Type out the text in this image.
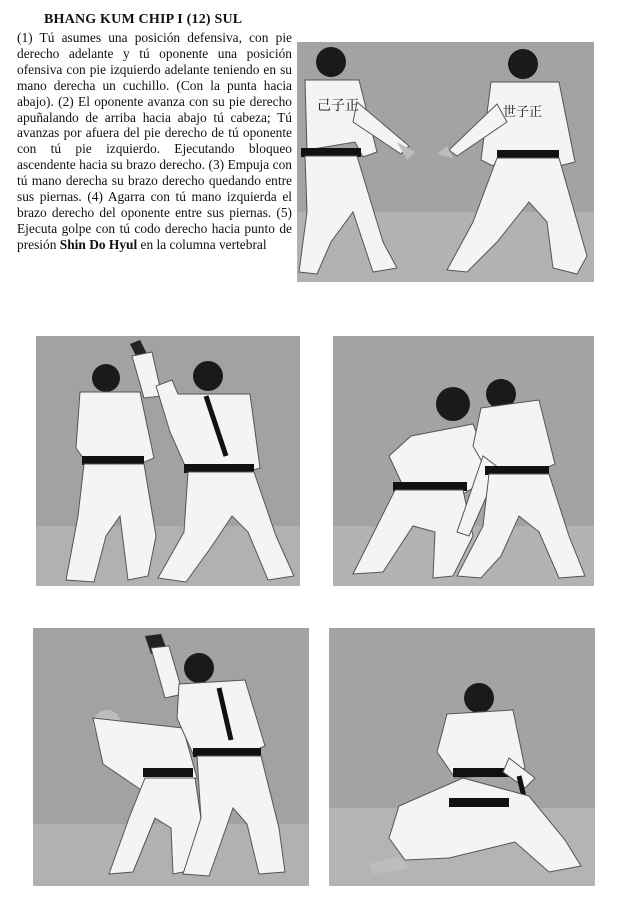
BHANG KUM CHIP I (12) SUL
(1) Tú asumes una posición defensiva, con pie derecho adelante y tú oponente una posición ofensiva con pie izquierdo adelante teniendo en su mano derecha un cuchillo. (Con la punta hacia abajo). (2) El oponente avanza con su pie derecho apuñalando de arriba hacia abajo tú cabeza; Tú avanzas por afuera del pie derecho de tú oponente con tú pie izquierdo. Ejecutando bloqueo ascendente hacia su brazo derecho. (3) Empuja con tú mano derecha su brazo derecho quedando entre sus piernas. (4) Agarra con tú mano izquierda el brazo derecho del oponente entre sus piernas. (5) Ejecuta golpe con tú codo derecho hacia punto de presión Shin Do Hyul en la columna vertebral
己子正	世子正
